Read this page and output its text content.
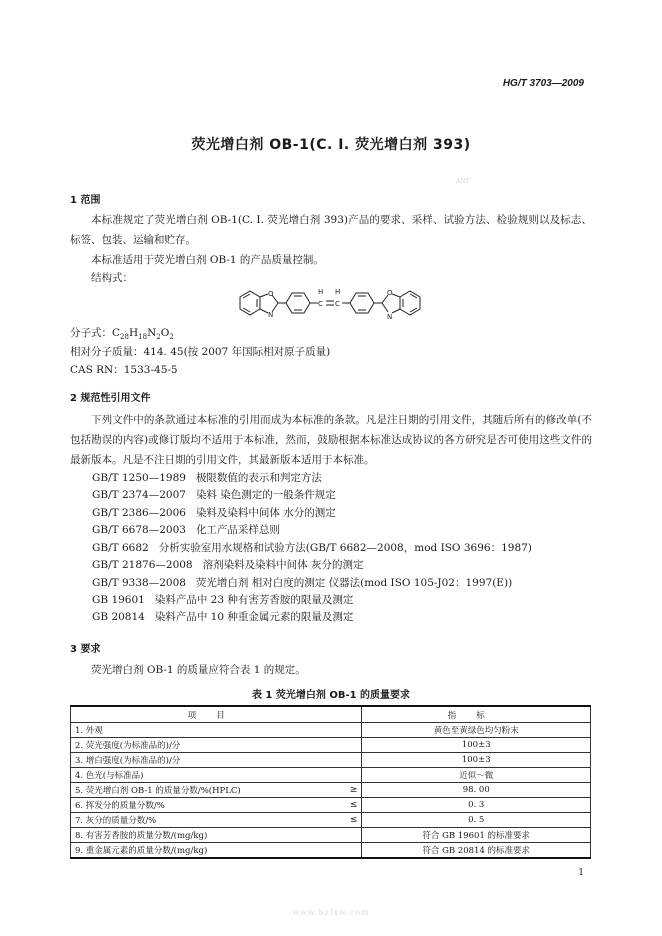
HG/T 3703—2009
荧光增白剂 OB-1(C. I. 荧光增白剂 393)
ANT
1 范围
本标准规定了荧光增白剂 OB-1(C. I. 荧光增白剂 393)产品的要求、采样、试验方法、检验规则以及标志、标签、包装、运输和贮存。
本标准适用于荧光增白剂 OB-1 的产品质量控制。
结构式：
O
N
C
H
C
H	O
N
分子式：$C_{28}H_{18}N_2O_2$
相对分子质量：414. 45(按 2007 年国际相对原子质量)
CAS RN：1533-45-5
2 规范性引用文件
下列文件中的条款通过本标准的引用而成为本标准的条款。凡是注日期的引用文件，其随后所有的修改单(不包括勘误的内容)或修订版均不适用于本标准，然而，鼓励根据本标准达成协议的各方研究是否可使用这些文件的最新版本。凡是不注日期的引用文件，其最新版本适用于本标准。
GB/T 1250—1989 极限数值的表示和判定方法
GB/T 2374—2007 染料 染色测定的一般条件规定
GB/T 2386—2006 染料及染料中间体 水分的测定
GB/T 6678—2003 化工产品采样总则
GB/T 6682 分析实验室用水规格和试验方法(GB/T 6682—2008，mod ISO 3696：1987)
GB/T 21876—2008 溶剂染料及染料中间体 灰分的测定
GB/T 9338—2008 荧光增白剂 相对白度的测定 仪器法(mod ISO 105-J02：1997(E))
GB 19601 染料产品中 23 种有害芳香胺的限量及测定
GB 20814 染料产品中 10 种重金属元素的限量及测定
3 要求
荧光增白剂 OB-1 的质量应符合表 1 的规定。
表 1 荧光增白剂 OB-1 的质量要求
项目		指标
1. 外观		黄色至黄绿色均匀粉末
2. 荧光强度(为标准品的)/分		100±3
3. 增白强度(为标准品的)/分		100±3
4. 色光(与标准品)		近似～微
5. 荧光增白剂 OB-1 的质量分数/%(HPLC)	≥	98. 00
6. 挥发分的质量分数/%	≤	0. 3
7. 灰分的质量分数/%	≤	0. 5
8. 有害芳香胺的质量分数/(mg/kg)		符合 GB 19601 的标准要求
9. 重金属元素的质量分数/(mg/kg)		符合 GB 20814 的标准要求
1
www.bzfxw.com
